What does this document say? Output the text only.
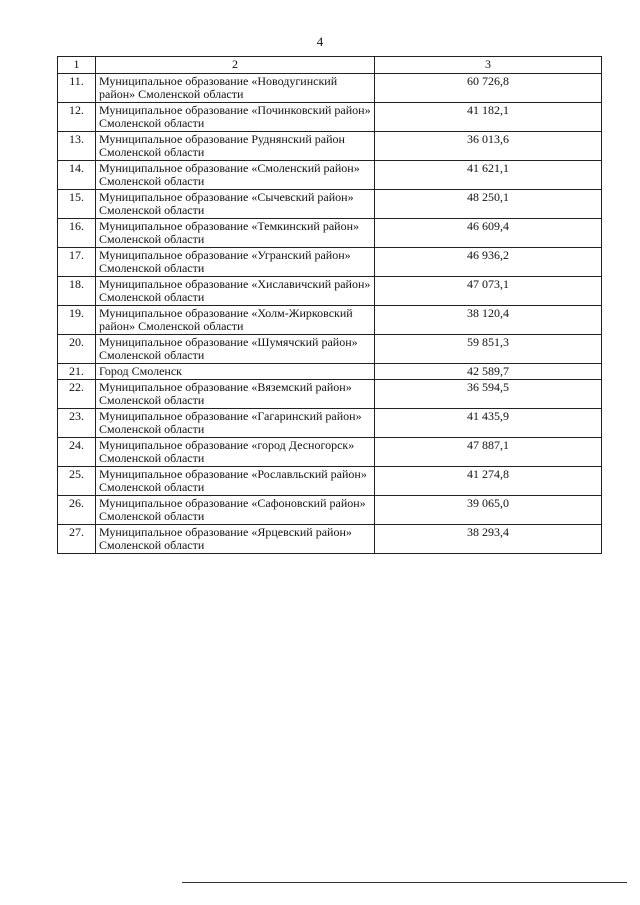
4
1	2	3
11.	Муниципальное образование «Новодугинский район» Смоленской области	60 726,8
12.	Муниципальное образование «Починковский район» Смоленской области	41 182,1
13.	Муниципальное образование Руднянский район Смоленской области	36 013,6
14.	Муниципальное образование «Смоленский район» Смоленской области	41 621,1
15.	Муниципальное образование «Сычевский район» Смоленской области	48 250,1
16.	Муниципальное образование «Темкинский район» Смоленской области	46 609,4
17.	Муниципальное образование «Угранский район» Смоленской области	46 936,2
18.	Муниципальное образование «Хиславичский район» Смоленской области	47 073,1
19.	Муниципальное образование «Холм-Жирковский район» Смоленской области	38 120,4
20.	Муниципальное образование «Шумячский район» Смоленской области	59 851,3
21.	Город Смоленск	42 589,7
22.	Муниципальное образование «Вяземский район» Смоленской области	36 594,5
23.	Муниципальное образование «Гагаринский район» Смоленской области	41 435,9
24.	Муниципальное образование «город Десногорск» Смоленской области	47 887,1
25.	Муниципальное образование «Рославльский район» Смоленской области	41 274,8
26.	Муниципальное образование «Сафоновский район» Смоленской области	39 065,0
27.	Муниципальное образование «Ярцевский район» Смоленской области	38 293,4
